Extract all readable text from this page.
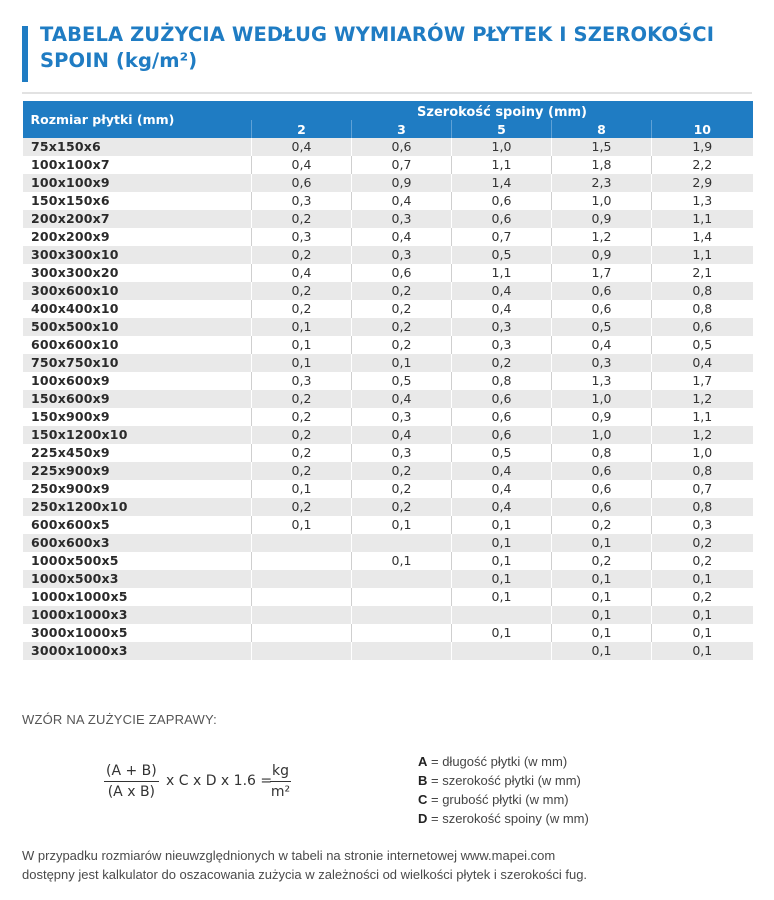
TABELA ZUŻYCIA WEDŁUG WYMIARÓW PŁYTEK I SZEROKOŚCI SPOIN (kg/m²)
Rozmiar płytki (mm)	Szerokość spoiny (mm)				
	2	3	5	8	10
75x150x6	0,4	0,6	1,0	1,5	1,9
100x100x7	0,4	0,7	1,1	1,8	2,2
100x100x9	0,6	0,9	1,4	2,3	2,9
150x150x6	0,3	0,4	0,6	1,0	1,3
200x200x7	0,2	0,3	0,6	0,9	1,1
200x200x9	0,3	0,4	0,7	1,2	1,4
300x300x10	0,2	0,3	0,5	0,9	1,1
300x300x20	0,4	0,6	1,1	1,7	2,1
300x600x10	0,2	0,2	0,4	0,6	0,8
400x400x10	0,2	0,2	0,4	0,6	0,8
500x500x10	0,1	0,2	0,3	0,5	0,6
600x600x10	0,1	0,2	0,3	0,4	0,5
750x750x10	0,1	0,1	0,2	0,3	0,4
100x600x9	0,3	0,5	0,8	1,3	1,7
150x600x9	0,2	0,4	0,6	1,0	1,2
150x900x9	0,2	0,3	0,6	0,9	1,1
150x1200x10	0,2	0,4	0,6	1,0	1,2
225x450x9	0,2	0,3	0,5	0,8	1,0
225x900x9	0,2	0,2	0,4	0,6	0,8
250x900x9	0,1	0,2	0,4	0,6	0,7
250x1200x10	0,2	0,2	0,4	0,6	0,8
600x600x5	0,1	0,1	0,1	0,2	0,3
600x600x3			0,1	0,1	0,2
1000x500x5		0,1	0,1	0,2	0,2
1000x500x3			0,1	0,1	0,1
1000x1000x5			0,1	0,1	0,2
1000x1000x3				0,1	0,1
3000x1000x5			0,1	0,1	0,1
3000x1000x3				0,1	0,1
WZÓR NA ZUŻYCIE ZAPRAWY:
$\frac{(A + B)}{\text{(A x B)}}$ x C x D x 1.6 =
$\frac{kg}{\text{m²}}$
A = długość płytki (w mm)
B = szerokość płytki (w mm)
C = grubość płytki (w mm)
D = szerokość spoiny (w mm)
W przypadku rozmiarów nieuwzględnionych w tabeli na stronie internetowej www.mapei.com
dostępny jest kalkulator do oszacowania zużycia w zależności od wielkości płytek i szerokości fug.
